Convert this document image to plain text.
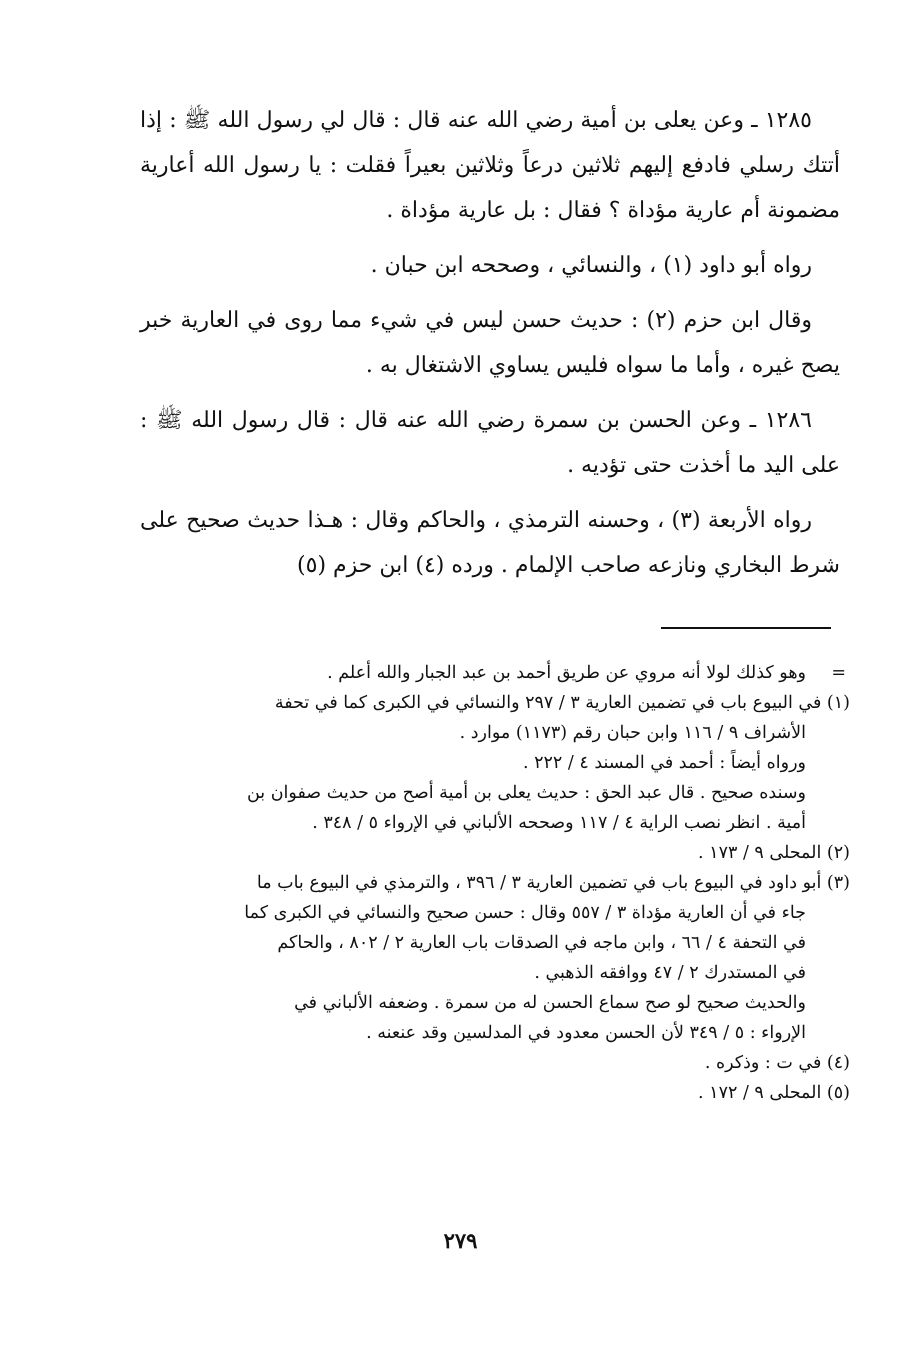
١٢٨٥ ـ وعن يعلى بن أمية رضي الله عنه قال : قال لي رسول الله ﷺ : إذا أتتك رسلي فادفع إليهم ثلاثين درعاً وثلاثين بعيراً فقلت : يا رسول الله أعارية مضمونة أم عارية مؤداة ؟ فقال : بل عارية مؤداة .
رواه أبو داود (١) ، والنسائي ، وصححه ابن حبان .
وقال ابن حزم (٢) : حديث حسن ليس في شيء مما روى في العارية خبر يصح غيره ، وأما ما سواه فليس يساوي الاشتغال به .
١٢٨٦ ـ وعن الحسن بن سمرة رضي الله عنه قال : قال رسول الله ﷺ : على اليد ما أخذت حتى تؤديه .
رواه الأربعة (٣) ، وحسنه الترمذي ، والحاكم وقال : هـذا حديث صحيح على شرط البخاري ونازعه صاحب الإلمام . ورده (٤) ابن حزم (٥)
=
وهو كذلك لولا أنه مروي عن طريق أحمد بن عبد الجبار والله أعلم .
(١) في البيوع باب في تضمين العارية ٣ / ٢٩٧ والنسائي في الكبرى كما في تحفة
الأشراف ٩ / ١١٦ وابن حبان رقم (١١٧٣) موارد .
ورواه أيضاً : أحمد في المسند ٤ / ٢٢٢ .
وسنده صحيح . قال عبد الحق : حديث يعلى بن أمية أصح من حديث صفوان بن
أمية . انظر نصب الراية ٤ / ١١٧ وصححه الألباني في الإرواء ٥ / ٣٤٨ .
(٢) المحلى ٩ / ١٧٣ .
(٣) أبو داود في البيوع باب في تضمين العارية ٣ / ٣٩٦ ، والترمذي في البيوع باب ما
جاء في أن العارية مؤداة ٣ / ٥٥٧ وقال : حسن صحيح والنسائي في الكبرى كما
في التحفة ٤ / ٦٦ ، وابن ماجه في الصدقات باب العارية ٢ / ٨٠٢ ، والحاكم
في المستدرك ٢ / ٤٧ ووافقه الذهبي .
والحديث صحيح لو صح سماع الحسن له من سمرة . وضعفه الألباني في
الإرواء : ٥ / ٣٤٩ لأن الحسن معدود في المدلسين وقد عنعنه .
(٤) في ت : وذكره .
(٥) المحلى ٩ / ١٧٢ .
٢٧٩
